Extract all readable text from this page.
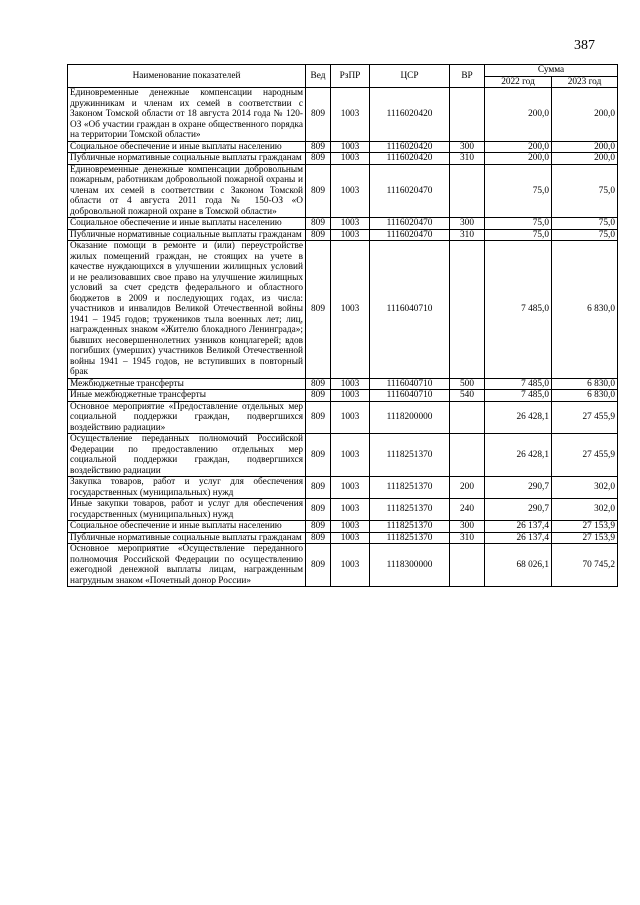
387
Наименование показателей	Вед	РзПР	ЦСР	ВР	Сумма	
					2022 год	2023 год
Единовременные денежные компенсации народным дружинникам и членам их семей в соответствии с Законом Томской области от 18 августа 2014 года № 120-ОЗ «Об участии граждан в охране общественного порядка на территории Томской области»	809	1003	1116020420		200,0	200,0
Социальное обеспечение и иные выплаты населению	809	1003	1116020420	300	200,0	200,0
Публичные нормативные социальные выплаты гражданам	809	1003	1116020420	310	200,0	200,0
Единовременные денежные компенсации добровольным пожарным, работникам добровольной пожарной охраны и членам их семей в соответствии с Законом Томской области от 4 августа 2011 года № 150-ОЗ «О добровольной пожарной охране в Томской области»	809	1003	1116020470		75,0	75,0
Социальное обеспечение и иные выплаты населению	809	1003	1116020470	300	75,0	75,0
Публичные нормативные социальные выплаты гражданам	809	1003	1116020470	310	75,0	75,0
Оказание помощи в ремонте и (или) переустройстве жилых помещений граждан, не стоящих на учете в качестве нуждающихся в улучшении жилищных условий и не реализовавших свое право на улучшение жилищных условий за счет средств федерального и областного бюджетов в 2009 и последующих годах, из числа: участников и инвалидов Великой Отечественной войны 1941 – 1945 годов; тружеников тыла военных лет; лиц, награжденных знаком «Жителю блокадного Ленинграда»; бывших несовершеннолетних узников концлагерей; вдов погибших (умерших) участников Великой Отечественной войны 1941 – 1945 годов, не вступивших в повторный брак	809	1003	1116040710		7 485,0	6 830,0
Межбюджетные трансферты	809	1003	1116040710	500	7 485,0	6 830,0
Иные межбюджетные трансферты	809	1003	1116040710	540	7 485,0	6 830,0
Основное мероприятие «Предоставление отдельных мер социальной поддержки граждан, подвергшихся воздействию радиации»	809	1003	1118200000		26 428,1	27 455,9
Осуществление переданных полномочий Российской Федерации по предоставлению отдельных мер социальной поддержки граждан, подвергшихся воздействию радиации	809	1003	1118251370		26 428,1	27 455,9
Закупка товаров, работ и услуг для обеспечения государственных (муниципальных) нужд	809	1003	1118251370	200	290,7	302,0
Иные закупки товаров, работ и услуг для обеспечения государственных (муниципальных) нужд	809	1003	1118251370	240	290,7	302,0
Социальное обеспечение и иные выплаты населению	809	1003	1118251370	300	26 137,4	27 153,9
Публичные нормативные социальные выплаты гражданам	809	1003	1118251370	310	26 137,4	27 153,9
Основное мероприятие «Осуществление переданного полномочия Российской Федерации по осуществлению ежегодной денежной выплаты лицам, награжденным нагрудным знаком «Почетный донор России»	809	1003	1118300000		68 026,1	70 745,2
